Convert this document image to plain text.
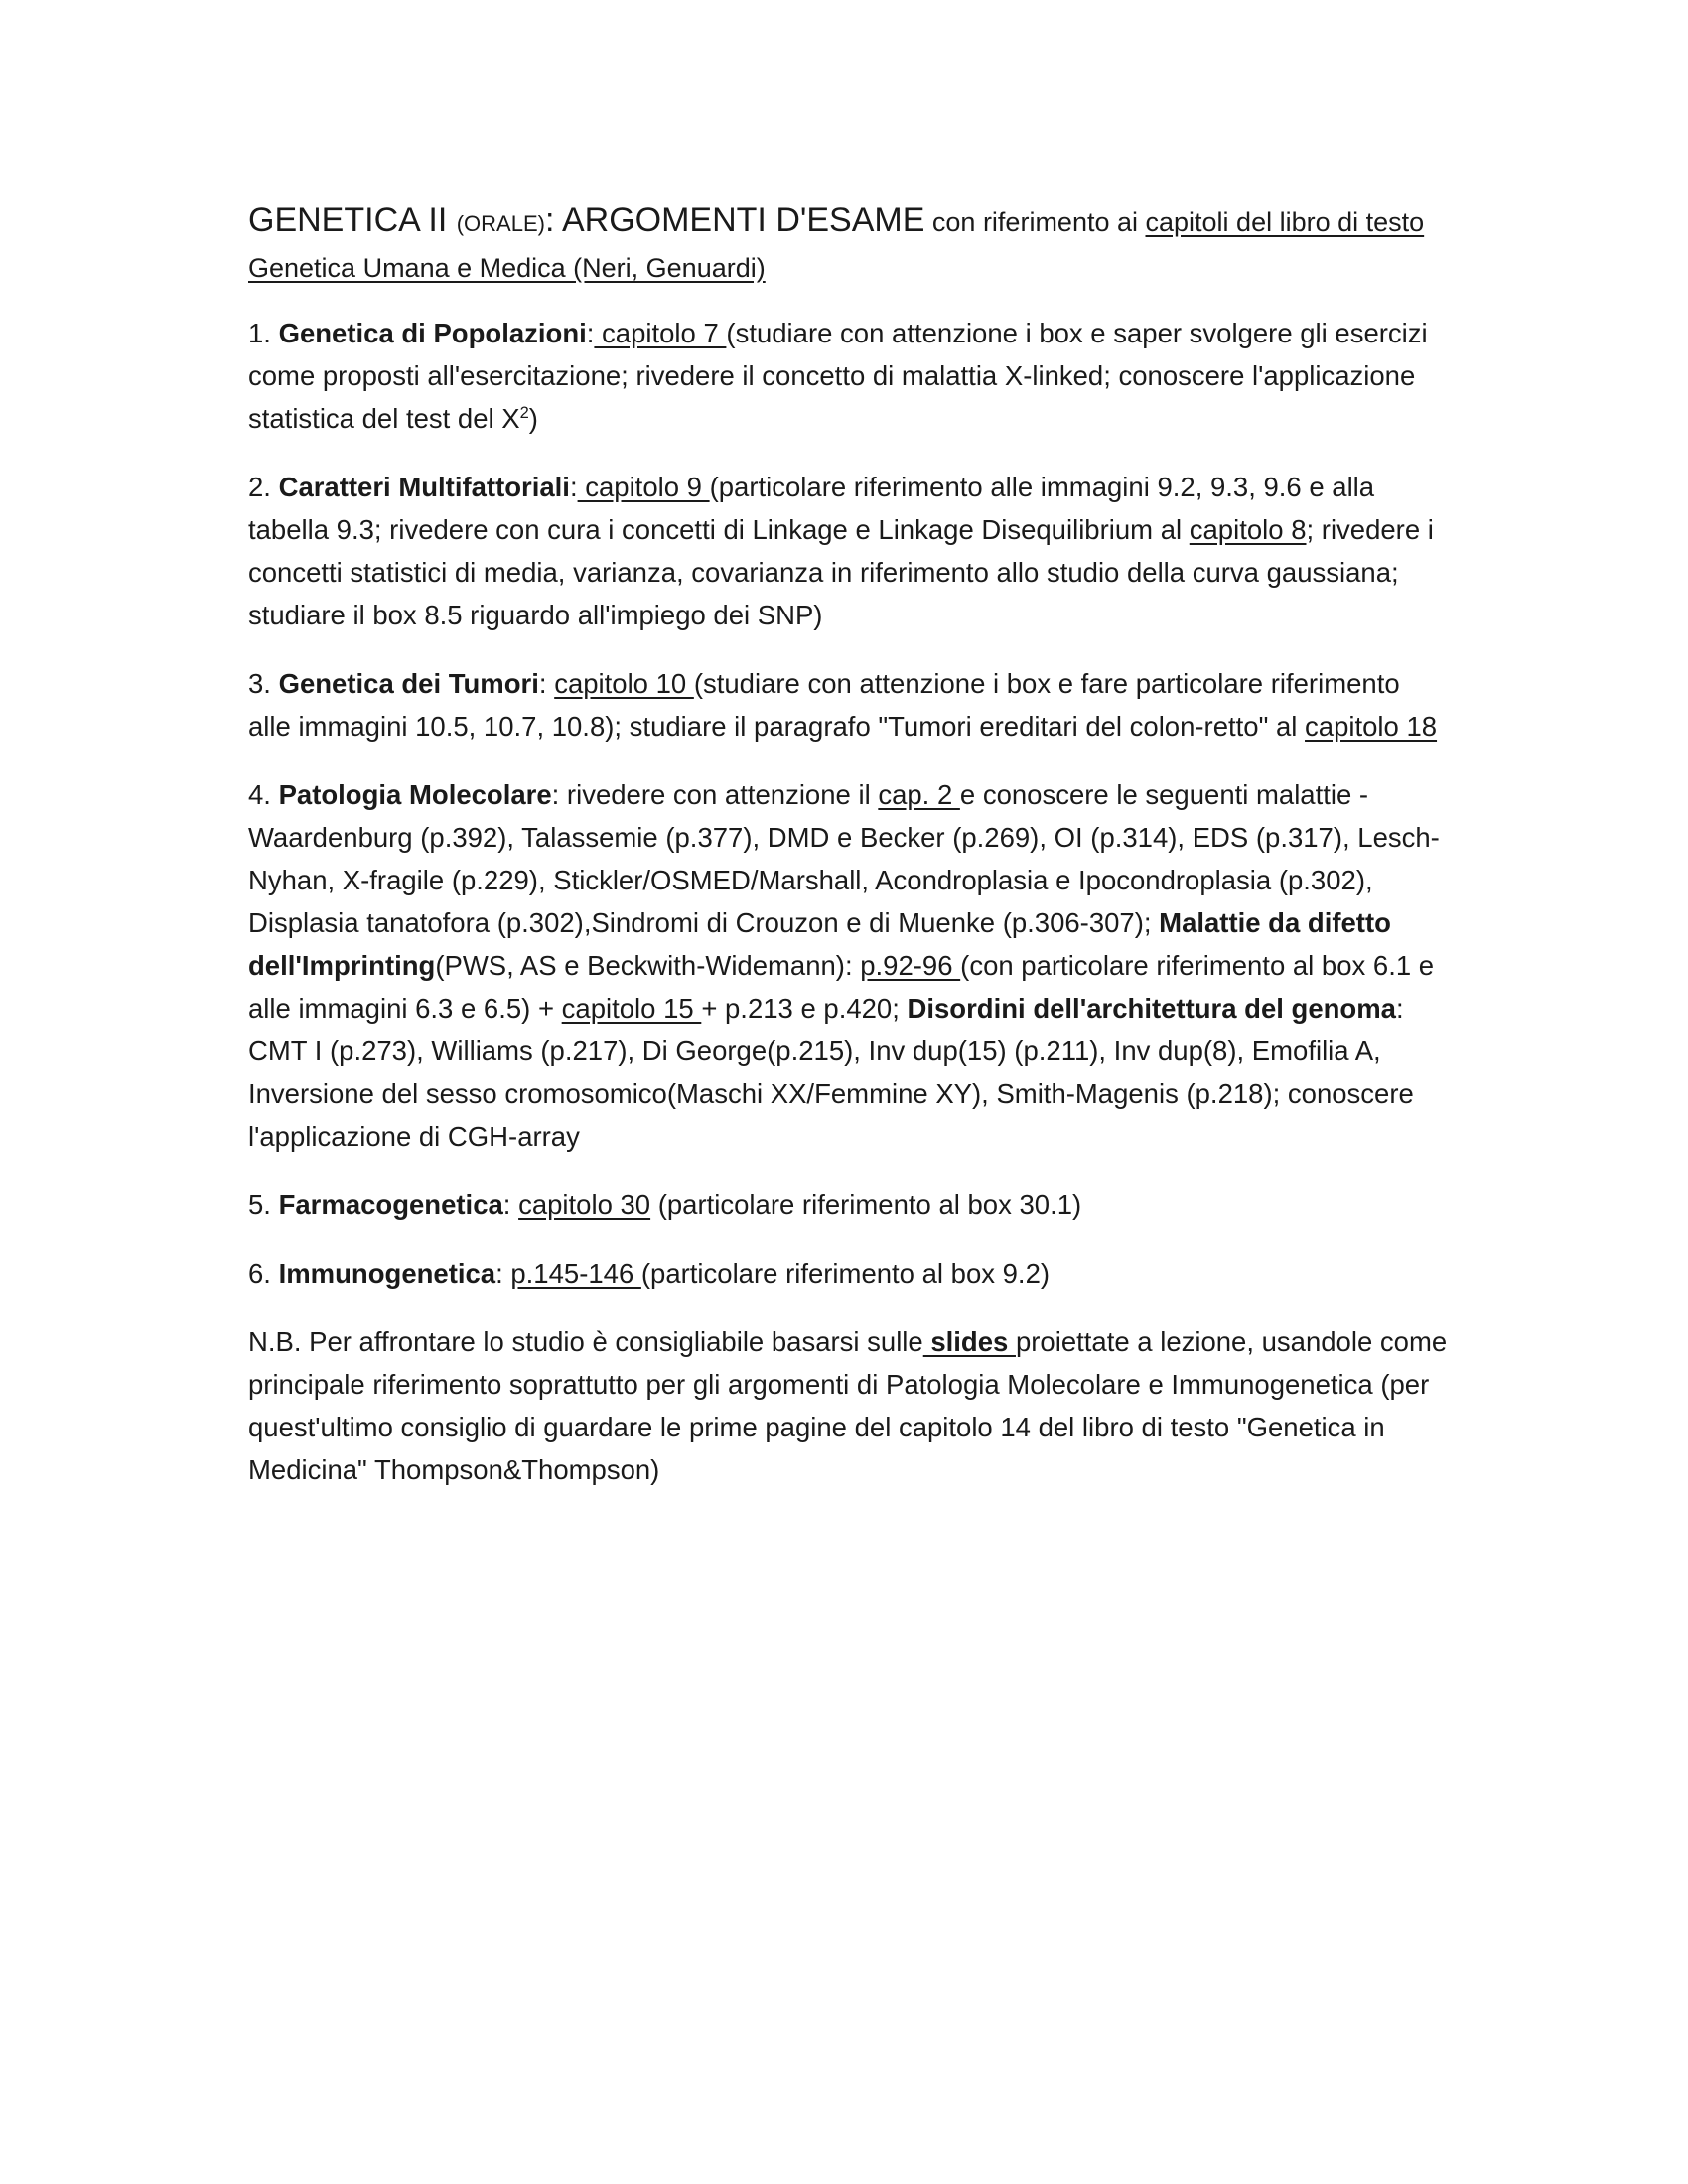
GENETICA II (ORALE): ARGOMENTI D'ESAME con riferimento ai capitoli del libro di testo Genetica Umana e Medica (Neri, Genuardi)

1. Genetica di Popolazioni: capitolo 7 (studiare con attenzione i box e saper svolgere gli esercizi come proposti all'esercitazione; rivedere il concetto di malattia X-linked; conoscere l'applicazione statistica del test del $X^2$)

2. Caratteri Multifattoriali: capitolo 9 (particolare riferimento alle immagini 9.2, 9.3, 9.6 e alla tabella 9.3; rivedere con cura i concetti di Linkage e Linkage Disequilibrium al capitolo 8; rivedere i concetti statistici di media, varianza, covarianza in riferimento allo studio della curva gaussiana; studiare il box 8.5 riguardo all'impiego dei SNP)

3. Genetica dei Tumori: capitolo 10 (studiare con attenzione i box e fare particolare riferimento alle immagini 10.5, 10.7, 10.8); studiare il paragrafo "Tumori ereditari del colon-retto" al capitolo 18

4. Patologia Molecolare: rivedere con attenzione il cap. 2 e conoscere le seguenti malattie - Waardenburg (p.392), Talassemie (p.377), DMD e Becker (p.269), OI (p.314), EDS (p.317), Lesch-Nyhan, X-fragile (p.229), Stickler/OSMED/Marshall, Acondroplasia e Ipocondroplasia (p.302), Displasia tanatofora (p.302),Sindromi di Crouzon e di Muenke (p.306-307); Malattie da difetto dell'Imprinting(PWS, AS e Beckwith-Widemann): p.92-96 (con particolare riferimento al box 6.1 e alle immagini 6.3 e 6.5) + capitolo 15 + p.213 e p.420; Disordini dell'architettura del genoma: CMT I (p.273), Williams (p.217), Di George(p.215), Inv dup(15) (p.211), Inv dup(8), Emofilia A, Inversione del sesso cromosomico(Maschi XX/Femmine XY), Smith-Magenis (p.218); conoscere l'applicazione di CGH-array

5. Farmacogenetica: capitolo 30 (particolare riferimento al box 30.1)

6. Immunogenetica: p.145-146 (particolare riferimento al box 9.2)

N.B. Per affrontare lo studio è consigliabile basarsi sulle slides proiettate a lezione, usandole come principale riferimento soprattutto per gli argomenti di Patologia Molecolare e Immunogenetica (per quest'ultimo consiglio di guardare le prime pagine del capitolo 14 del libro di testo "Genetica in Medicina" Thompson&Thompson)
